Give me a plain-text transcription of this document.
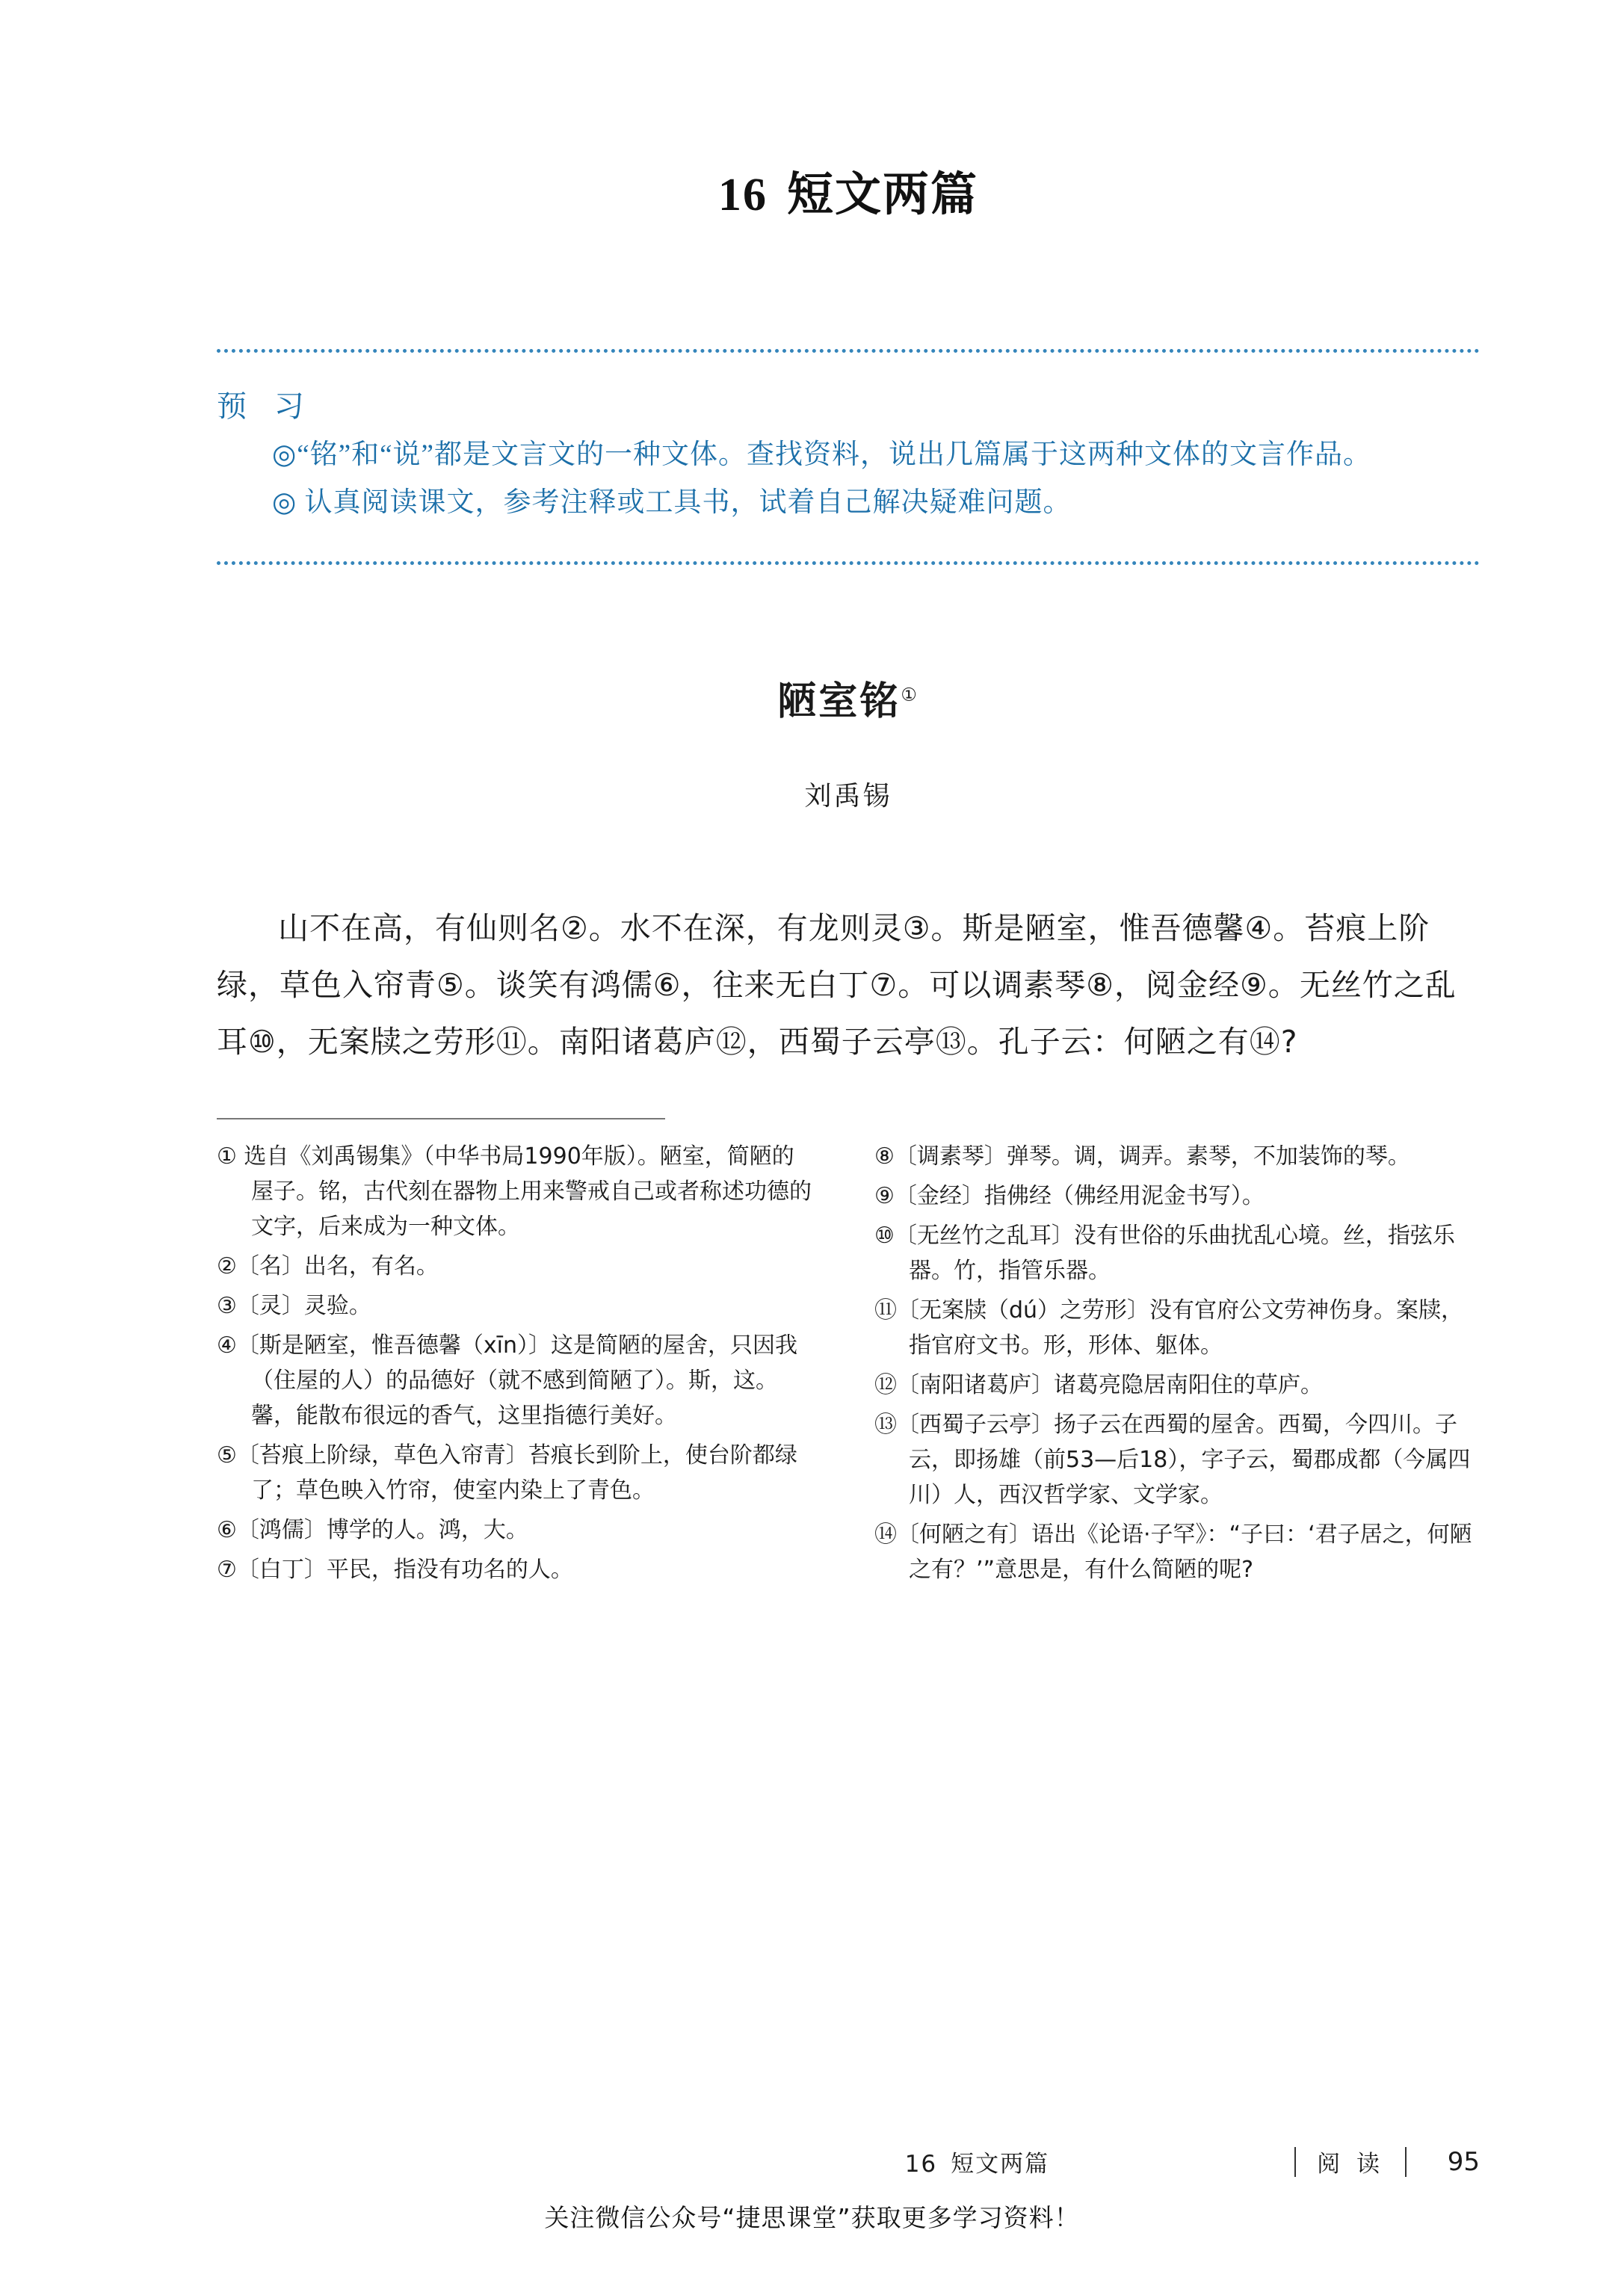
16 短文两篇
预 习
◎“铭”和“说”都是文言文的一种文体。查找资料，说出几篇属于这两种文体的文言作品。
◎ 认真阅读课文，参考注释或工具书，试着自己解决疑难问题。
陋室铭①
刘禹锡
山不在高，有仙则名②。水不在深，有龙则灵③。斯是陋室，惟吾德馨④。苔痕上阶绿，草色入帘青⑤。谈笑有鸿儒⑥，往来无白丁⑦。可以调素琴⑧，阅金经⑨。无丝竹之乱耳⑩，无案牍之劳形⑪。南阳诸葛庐⑫，西蜀子云亭⑬。孔子云：何陋之有⑭?
① 选自《刘禹锡集》（中华书局1990年版）。陋室，简陋的屋子。铭，古代刻在器物上用来警戒自己或者称述功德的文字，后来成为一种文体。
②〔名〕出名，有名。
③〔灵〕灵验。
④〔斯是陋室，惟吾德馨（xīn）〕这是简陋的屋舍，只因我（住屋的人）的品德好（就不感到简陋了）。斯，这。馨，能散布很远的香气，这里指德行美好。
⑤〔苔痕上阶绿，草色入帘青〕苔痕长到阶上，使台阶都绿了；草色映入竹帘，使室内染上了青色。
⑥〔鸿儒〕博学的人。鸿，大。
⑦〔白丁〕平民，指没有功名的人。
⑧〔调素琴〕弹琴。调，调弄。素琴，不加装饰的琴。
⑨〔金经〕指佛经（佛经用泥金书写）。
⑩〔无丝竹之乱耳〕没有世俗的乐曲扰乱心境。丝，指弦乐器。竹，指管乐器。
⑪〔无案牍（dú）之劳形〕没有官府公文劳神伤身。案牍，指官府文书。形，形体、躯体。
⑫〔南阳诸葛庐〕诸葛亮隐居南阳住的草庐。
⑬〔西蜀子云亭〕扬子云在西蜀的屋舍。西蜀，今四川。子云，即扬雄（前53—后18），字子云，蜀郡成都（今属四川）人，西汉哲学家、文学家。
⑭〔何陋之有〕语出《论语·子罕》：“子曰：‘君子居之，何陋之有？’”意思是，有什么简陋的呢?
16 短文两篇	阅 读	95
关注微信公众号“捷思课堂”获取更多学习资料！
